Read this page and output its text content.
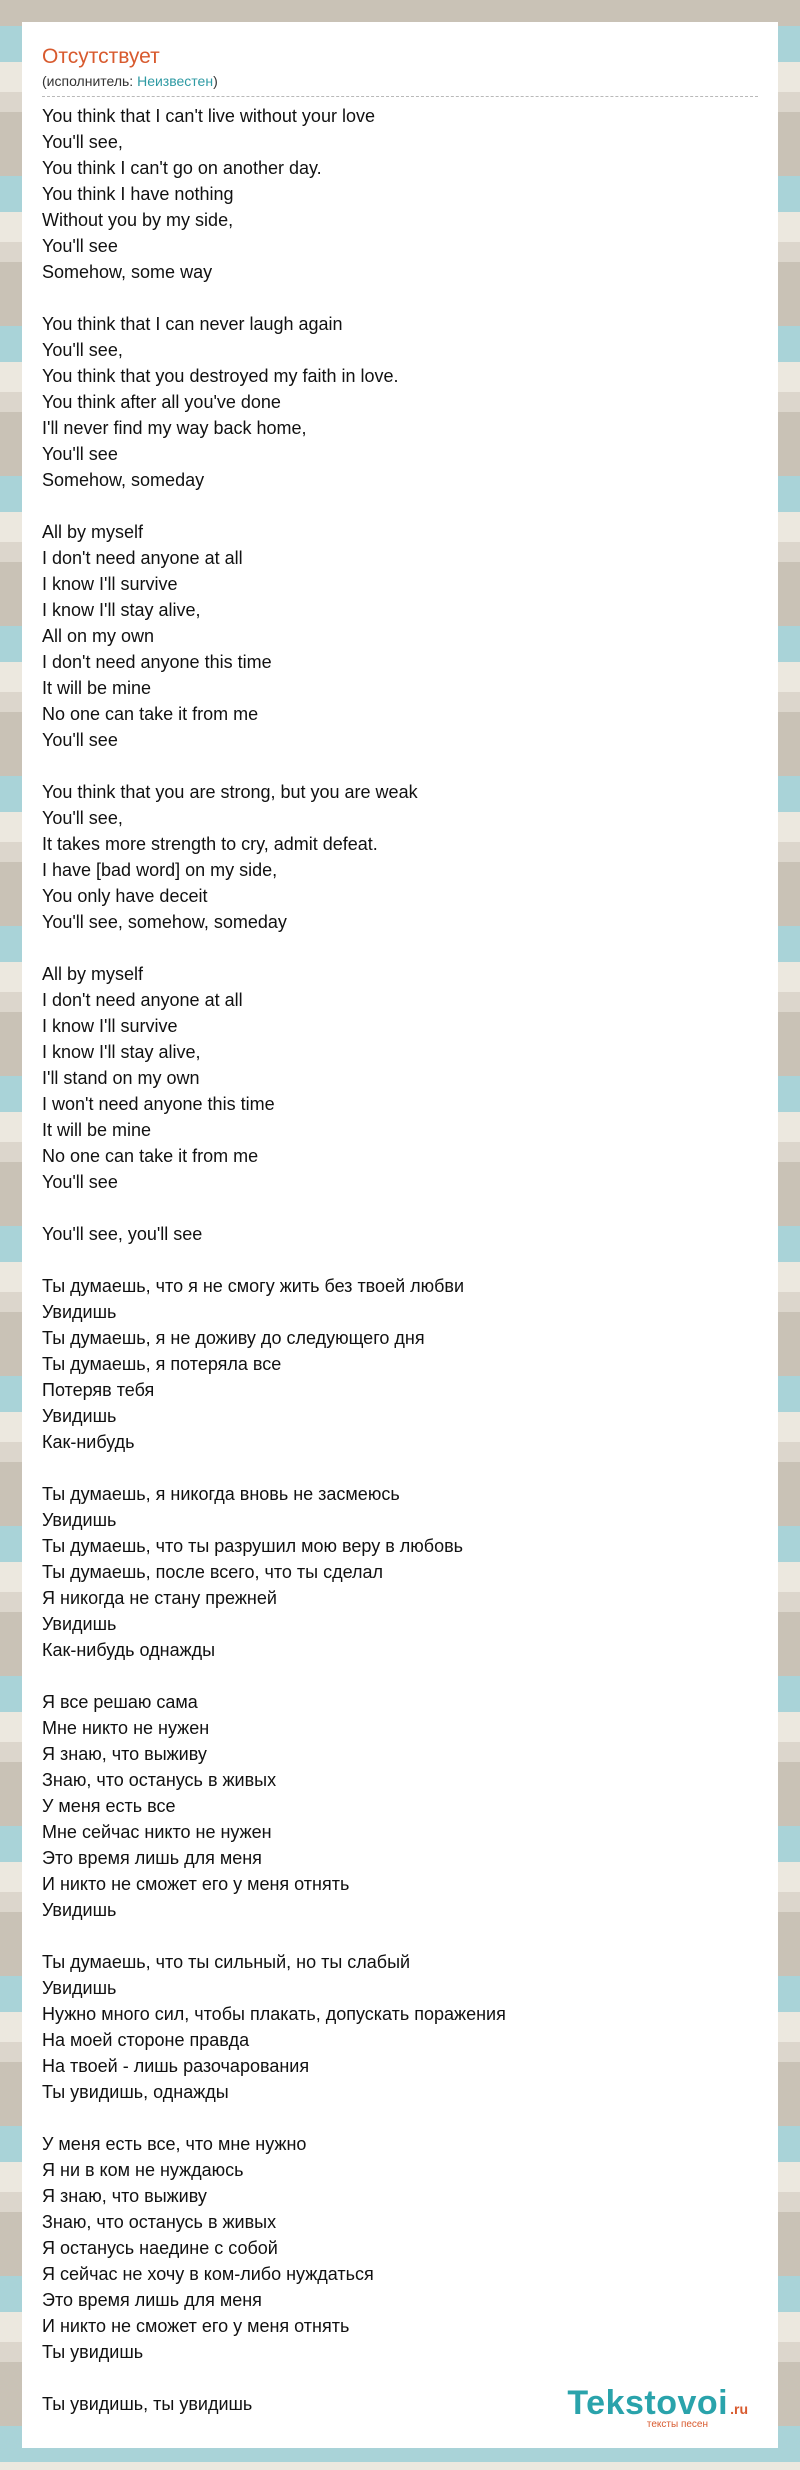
Отсутствует
(исполнитель: Неизвестен)
You think that I can't live without your love
You'll see,
You think I can't go on another day.
You think I have nothing
Without you by my side,
You'll see
Somehow, some way
You think that I can never laugh again
You'll see,
You think that you destroyed my faith in love.
You think after all you've done
I'll never find my way back home,
You'll see
Somehow, someday
All by myself
I don't need anyone at all
I know I'll survive
I know I'll stay alive,
All on my own
I don't need anyone this time
It will be mine
No one can take it from me
You'll see
You think that you are strong, but you are weak
You'll see,
It takes more strength to cry, admit defeat.
I have [bad word] on my side,
You only have deceit
You'll see, somehow, someday
All by myself
I don't need anyone at all
I know I'll survive
I know I'll stay alive,
I'll stand on my own
I won't need anyone this time
It will be mine
No one can take it from me
You'll see
You'll see, you'll see
Ты думаешь, что я не смогу жить без твоей любви
Увидишь
Ты думаешь, я не доживу до следующего дня
Ты думаешь, я потеряла все
Потеряв тебя
Увидишь
Как-нибудь
Ты думаешь, я никогда вновь не засмеюсь
Увидишь
Ты думаешь, что ты разрушил мою веру в любовь
Ты думаешь, после всего, что ты сделал
Я никогда не стану прежней
Увидишь
Как-нибудь однажды
Я все решаю сама
Мне никто не нужен
Я знаю, что выживу
Знаю, что останусь в живых
У меня есть все
Мне сейчас никто не нужен
Это время лишь для меня
И никто не сможет его у меня отнять
Увидишь
Ты думаешь, что ты сильный, но ты слабый
Увидишь
Нужно много сил, чтобы плакать, допускать поражения
На моей стороне правда
На твоей - лишь разочарования
Ты увидишь, однажды
У меня есть все, что мне нужно
Я ни в ком не нуждаюсь
Я знаю, что выживу
Знаю, что останусь в живых
Я останусь наедине с собой
Я сейчас не хочу в ком-либо нуждаться
Это время лишь для меня
И никто не сможет его у меня отнять
Ты увидишь
Ты увидишь, ты увидишь	Tekstovoi .ru
тексты песен
